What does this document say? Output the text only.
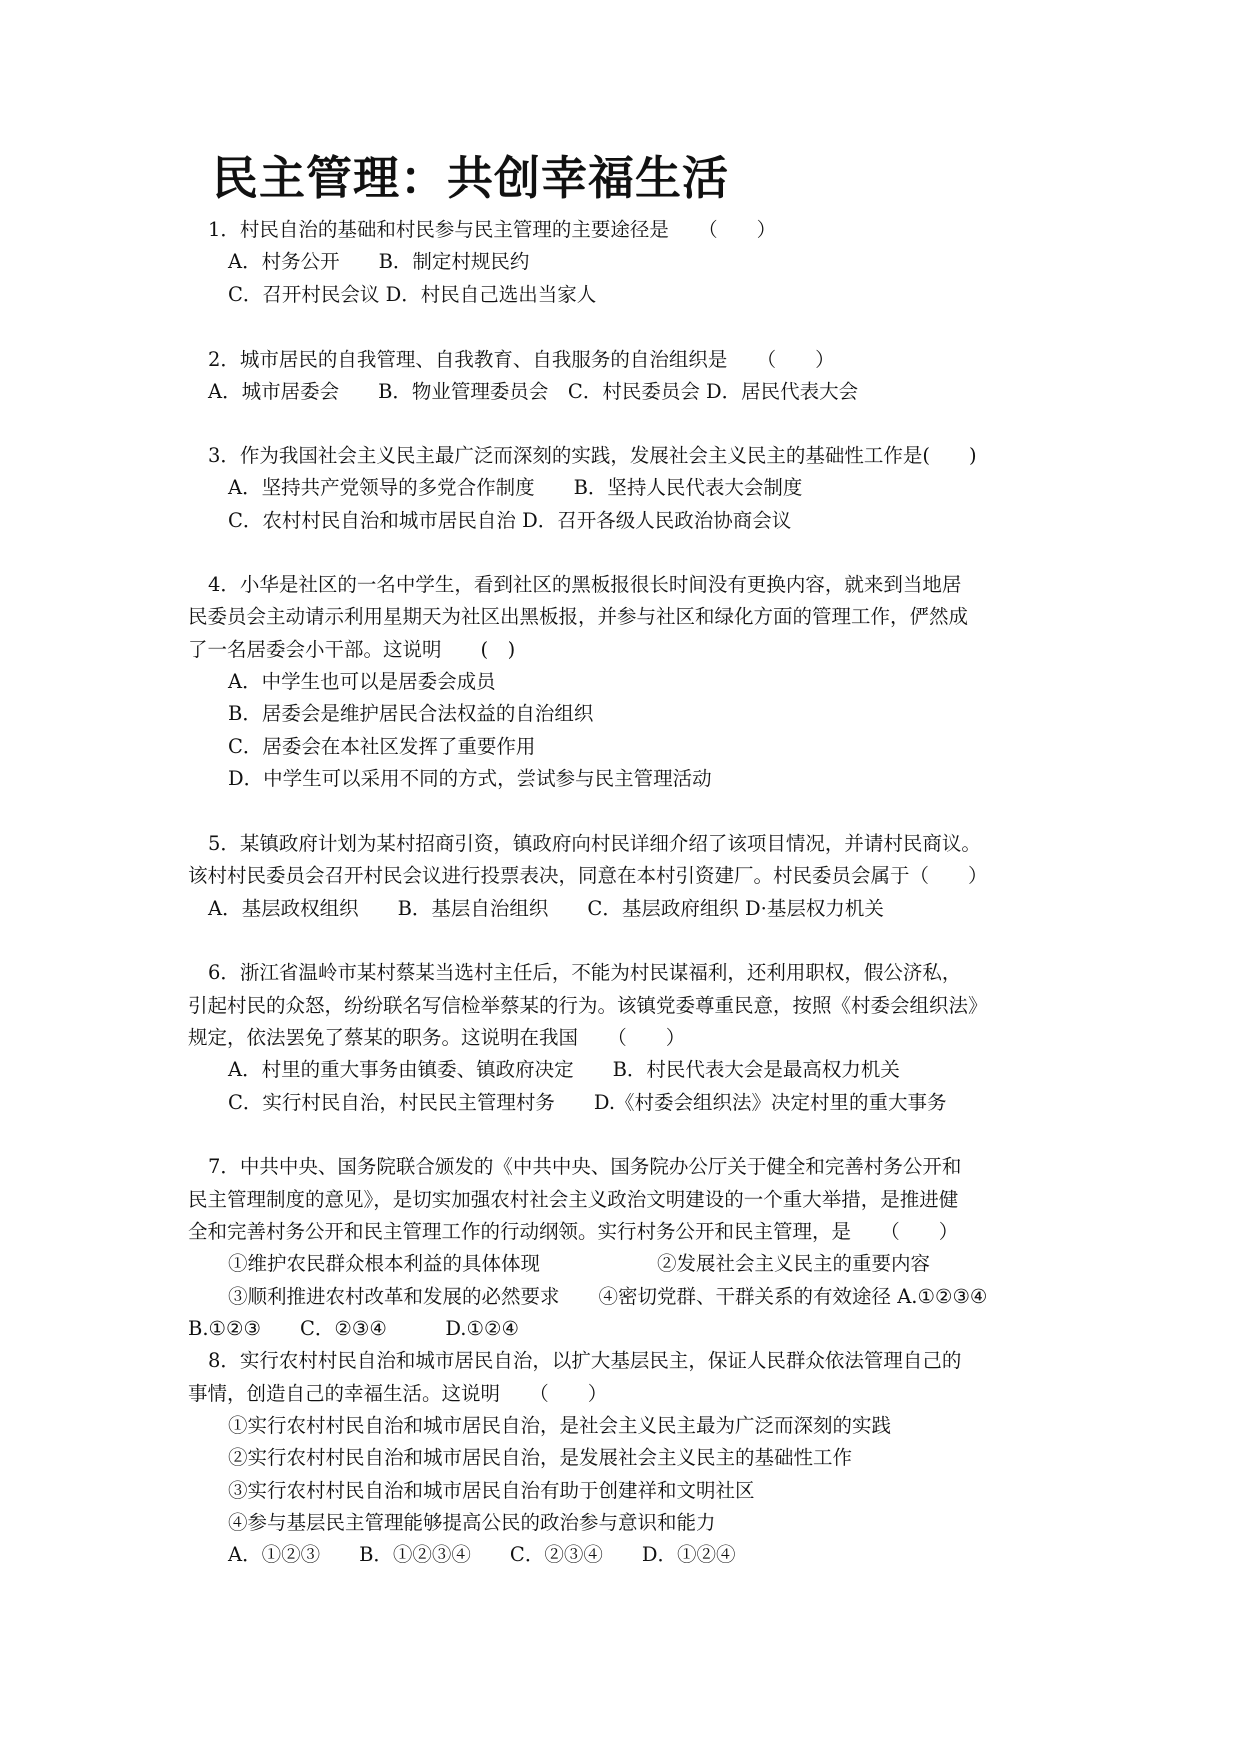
民主管理：共创幸福生活

1．村民自治的基础和村民参与民主管理的主要途径是　　（　　）

A．村务公开　　B．制定村规民约

C．召开村民会议 D．村民自己选出当家人

2．城市居民的自我管理、自我教育、自我服务的自治组织是　　（　　）

A．城市居委会　　B．物业管理委员会　C．村民委员会 D．居民代表大会

3．作为我国社会主义民主最广泛而深刻的实践，发展社会主义民主的基础性工作是(　　)

A．坚持共产党领导的多党合作制度　　B．坚持人民代表大会制度

C．农村村民自治和城市居民自治 D．召开各级人民政治协商会议

4．小华是社区的一名中学生，看到社区的黑板报很长时间没有更换内容，就来到当地居

民委员会主动请示利用星期天为社区出黑板报，并参与社区和绿化方面的管理工作，俨然成

了一名居委会小干部。这说明　　(　)

A．中学生也可以是居委会成员

B．居委会是维护居民合法权益的自治组织

C．居委会在本社区发挥了重要作用

D．中学生可以采用不同的方式，尝试参与民主管理活动

5．某镇政府计划为某村招商引资，镇政府向村民详细介绍了该项目情况，并请村民商议。

该村村民委员会召开村民会议进行投票表决，同意在本村引资建厂。村民委员会属于（　　）

A．基层政权组织　　B．基层自治组织　　C．基层政府组织 D·基层权力机关

6．浙江省温岭市某村蔡某当选村主任后，不能为村民谋福利，还利用职权，假公济私，

引起村民的众怒，纷纷联名写信检举蔡某的行为。该镇党委尊重民意，按照《村委会组织法》

规定，依法罢免了蔡某的职务。这说明在我国　　（　　）

A．村里的重大事务由镇委、镇政府决定　　B．村民代表大会是最高权力机关

C．实行村民自治，村民民主管理村务　　D.《村委会组织法》决定村里的重大事务

7．中共中央、国务院联合颁发的《中共中央、国务院办公厅关于健全和完善村务公开和

民主管理制度的意见》，是切实加强农村社会主义政治文明建设的一个重大举措，是推进健

全和完善村务公开和民主管理工作的行动纲领。实行村务公开和民主管理，是　　（　　）

①维护农民群众根本利益的具体体现　　　　　　②发展社会主义民主的重要内容

③顺利推进农村改革和发展的必然要求　　④密切党群、干群关系的有效途径 A.①②③④

B.①②③　　C．②③④　　　D.①②④

8．实行农村村民自治和城市居民自治，以扩大基层民主，保证人民群众依法管理自己的

事情，创造自己的幸福生活。这说明　　（　　）

①实行农村村民自治和城市居民自治，是社会主义民主最为广泛而深刻的实践

②实行农村村民自治和城市居民自治，是发展社会主义民主的基础性工作

③实行农村村民自治和城市居民自治有助于创建祥和文明社区

④参与基层民主管理能够提高公民的政治参与意识和能力

A．①②③　　B．①②③④　　C．②③④　　D．①②④
